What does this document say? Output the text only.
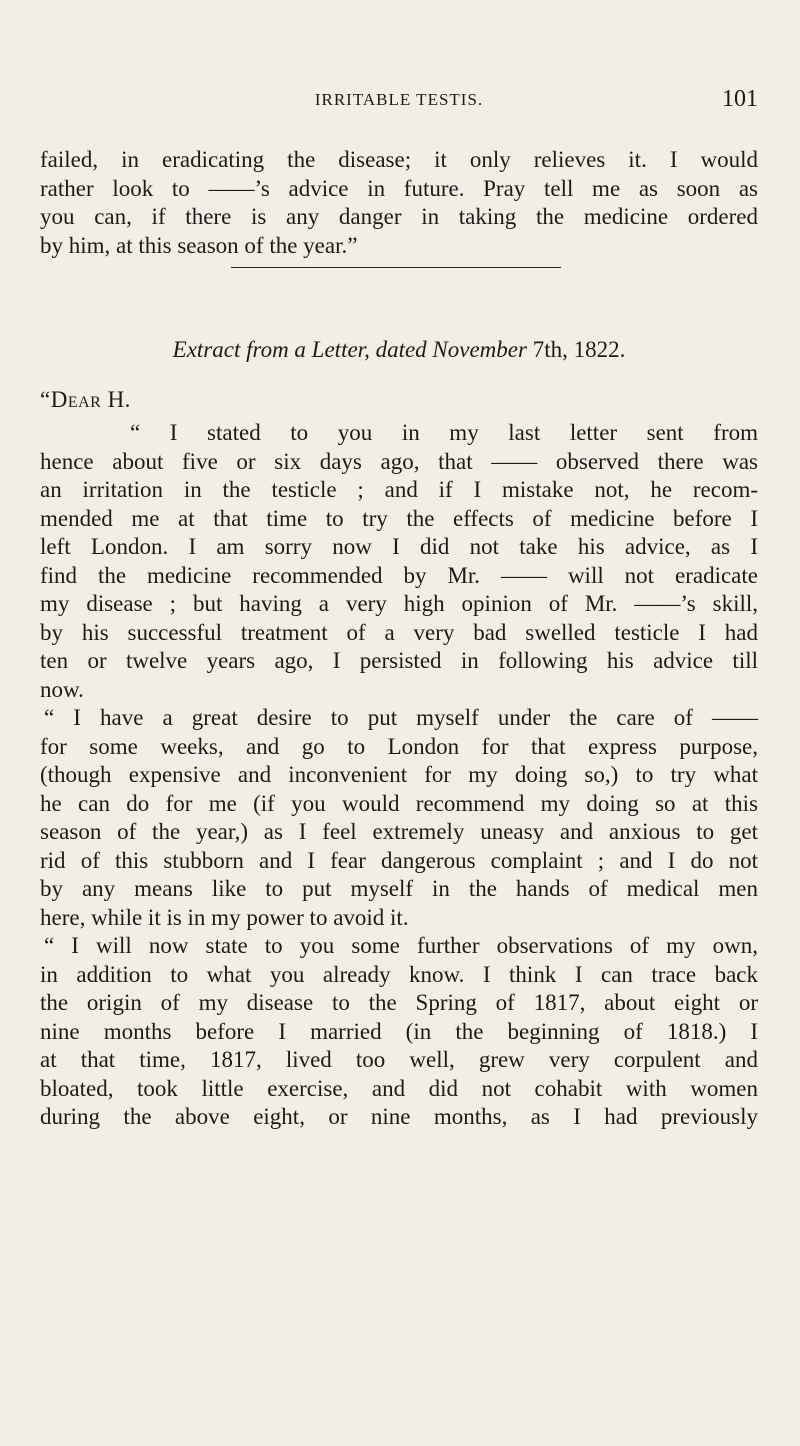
IRRITABLE TESTIS.	101
failed, in eradicating the disease; it only relieves it. I would
rather look to ——’s advice in future. Pray tell me as soon as
you can, if there is any danger in taking the medicine ordered
by him, at this season of the year.”
Extract from a Letter, dated November 7th, 1822.
“Dear H.
“ I stated to you in my last letter sent from
hence about five or six days ago, that —— observed there was
an irritation in the testicle ; and if I mistake not, he recom-
mended me at that time to try the effects of medicine before I
left London. I am sorry now I did not take his advice, as I
find the medicine recommended by Mr. —— will not eradicate
my disease ; but having a very high opinion of Mr. ——’s skill,
by his successful treatment of a very bad swelled testicle I had
ten or twelve years ago, I persisted in following his advice till
now.
“ I have a great desire to put myself under the care of ——
for some weeks, and go to London for that express purpose,
(though expensive and inconvenient for my doing so,) to try what
he can do for me (if you would recommend my doing so at this
season of the year,) as I feel extremely uneasy and anxious to get
rid of this stubborn and I fear dangerous complaint ; and I do not
by any means like to put myself in the hands of medical men
here, while it is in my power to avoid it.
“ I will now state to you some further observations of my own,
in addition to what you already know. I think I can trace back
the origin of my disease to the Spring of 1817, about eight or
nine months before I married (in the beginning of 1818.) I
at that time, 1817, lived too well, grew very corpulent and
bloated, took little exercise, and did not cohabit with women
during the above eight, or nine months, as I had previously
